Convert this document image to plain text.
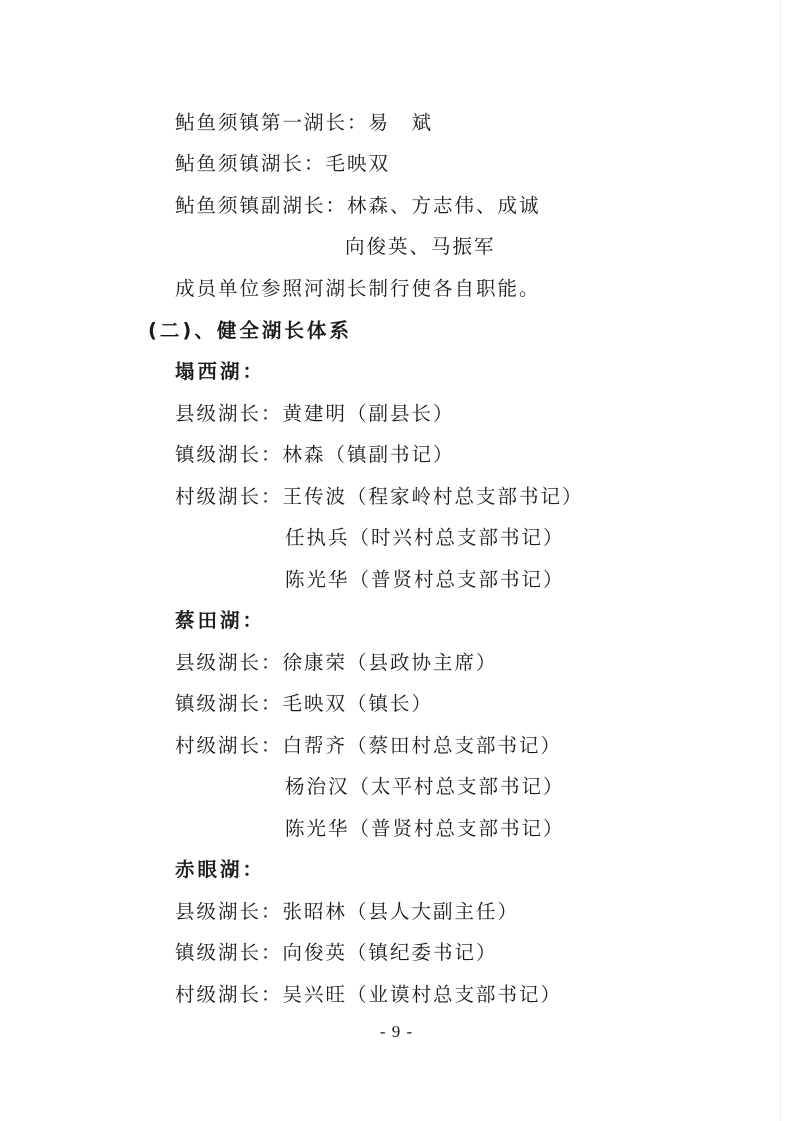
鲇鱼须镇第一湖长：易　斌
鲇鱼须镇湖长：毛映双
鲇鱼须镇副湖长：林森、方志伟、成诚
向俊英、马振军
成员单位参照河湖长制行使各自职能。
(二)、健全湖长体系
塌西湖：
县级湖长：黄建明（副县长）
镇级湖长：林森（镇副书记）
村级湖长：王传波（程家岭村总支部书记）
任执兵（时兴村总支部书记）
陈光华（普贤村总支部书记）
蔡田湖：
县级湖长：徐康荣（县政协主席）
镇级湖长：毛映双（镇长）
村级湖长：白帮齐（蔡田村总支部书记）
杨治汉（太平村总支部书记）
陈光华（普贤村总支部书记）
赤眼湖：
县级湖长：张昭林（县人大副主任）
镇级湖长：向俊英（镇纪委书记）
村级湖长：吴兴旺（业谟村总支部书记）
- 9 -
